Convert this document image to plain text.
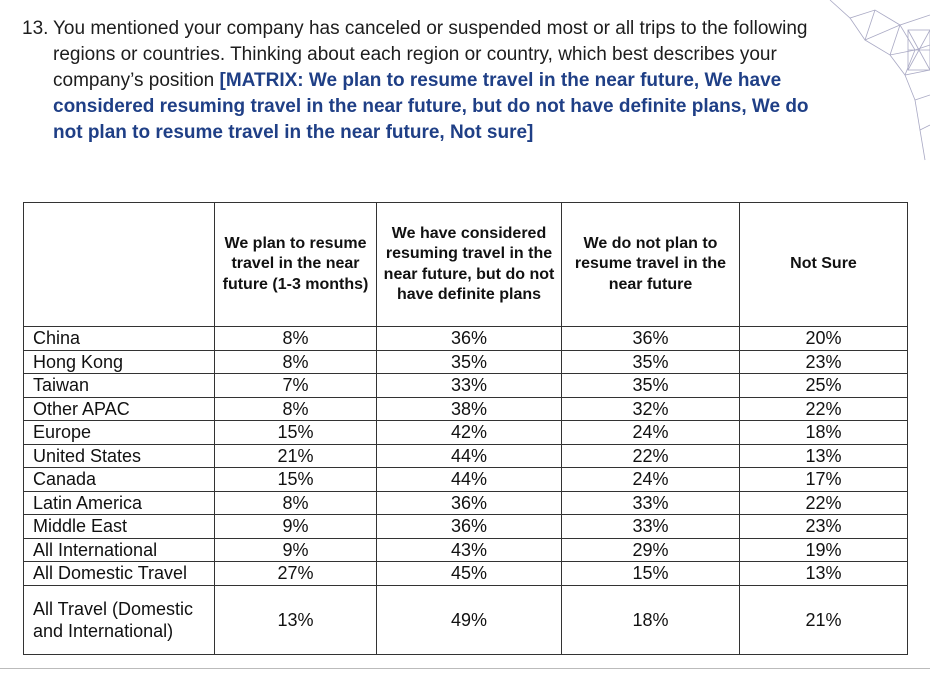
13. You mentioned your company has canceled or suspended most or all trips to the following regions or countries. Thinking about each region or country, which best describes your company’s position [MATRIX: We plan to resume travel in the near future, We have considered resuming travel in the near future, but do not have definite plans, We do not plan to resume travel in the near future, Not sure]
	We plan to resume travel in the near future (1-3 months)	We have considered resuming travel in the near future, but do not have definite plans	We do not plan to resume travel in the near future	Not Sure
China	8%	36%	36%	20%
Hong Kong	8%	35%	35%	23%
Taiwan	7%	33%	35%	25%
Other APAC	8%	38%	32%	22%
Europe	15%	42%	24%	18%
United States	21%	44%	22%	13%
Canada	15%	44%	24%	17%
Latin America	8%	36%	33%	22%
Middle East	9%	36%	33%	23%
All International	9%	43%	29%	19%
All Domestic Travel	27%	45%	15%	13%
All Travel (Domestic and International)	13%	49%	18%	21%
